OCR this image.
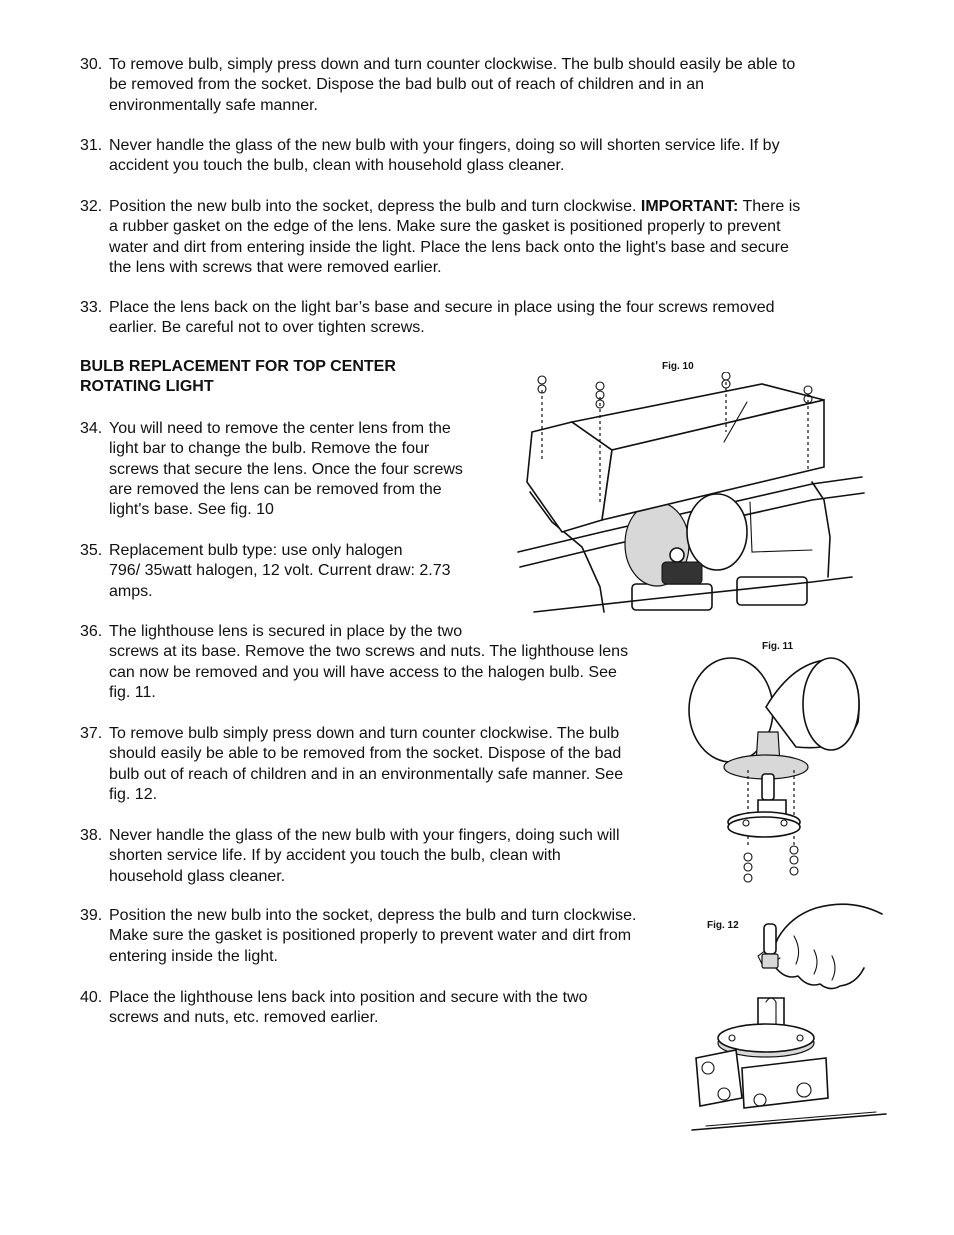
30. To remove bulb, simply press down and turn counter clockwise. The bulb should easily be able to
be removed from the socket. Dispose the bad bulb out of reach of children and in an
environmentally safe manner.
31. Never handle the glass of the new bulb with your fingers, doing so will shorten service life. If by
accident you touch the bulb, clean with household glass cleaner.
32. Position the new bulb into the socket, depress the bulb and turn clockwise. IMPORTANT: There is
a rubber gasket on the edge of the lens. Make sure the gasket is positioned properly to prevent
water and dirt from entering inside the light. Place the lens back onto the light's base and secure
the lens with screws that were removed earlier.
33. Place the lens back on the light bar’s base and secure in place using the four screws removed
earlier. Be careful not to over tighten screws.
BULB REPLACEMENT FOR TOP CENTER
ROTATING LIGHT
34. You will need to remove the center lens from the
light bar to change the bulb. Remove the four
screws that secure the lens. Once the four screws
are removed the lens can be removed from the
light's base. See fig. 10
35. Replacement bulb type: use only halogen
796/ 35watt halogen, 12 volt. Current draw: 2.73
amps.
36. The lighthouse lens is secured in place by the two
screws at its base. Remove the two screws and nuts. The lighthouse lens
can now be removed and you will have access to the halogen bulb. See
fig. 11.
37. To remove bulb simply press down and turn counter clockwise. The bulb
should easily be able to be removed from the socket. Dispose of the bad
bulb out of reach of children and in an environmentally safe manner. See
fig. 12.
38. Never handle the glass of the new bulb with your fingers, doing such will
shorten service life. If by accident you touch the bulb, clean with
household glass cleaner.
39. Position the new bulb into the socket, depress the bulb and turn clockwise.
Make sure the gasket is positioned properly to prevent water and dirt from
entering inside the light.
40. Place the lighthouse lens back into position and secure with the two
screws and nuts, etc. removed earlier.
Fig. 10
Fig. 11
Fig. 12
